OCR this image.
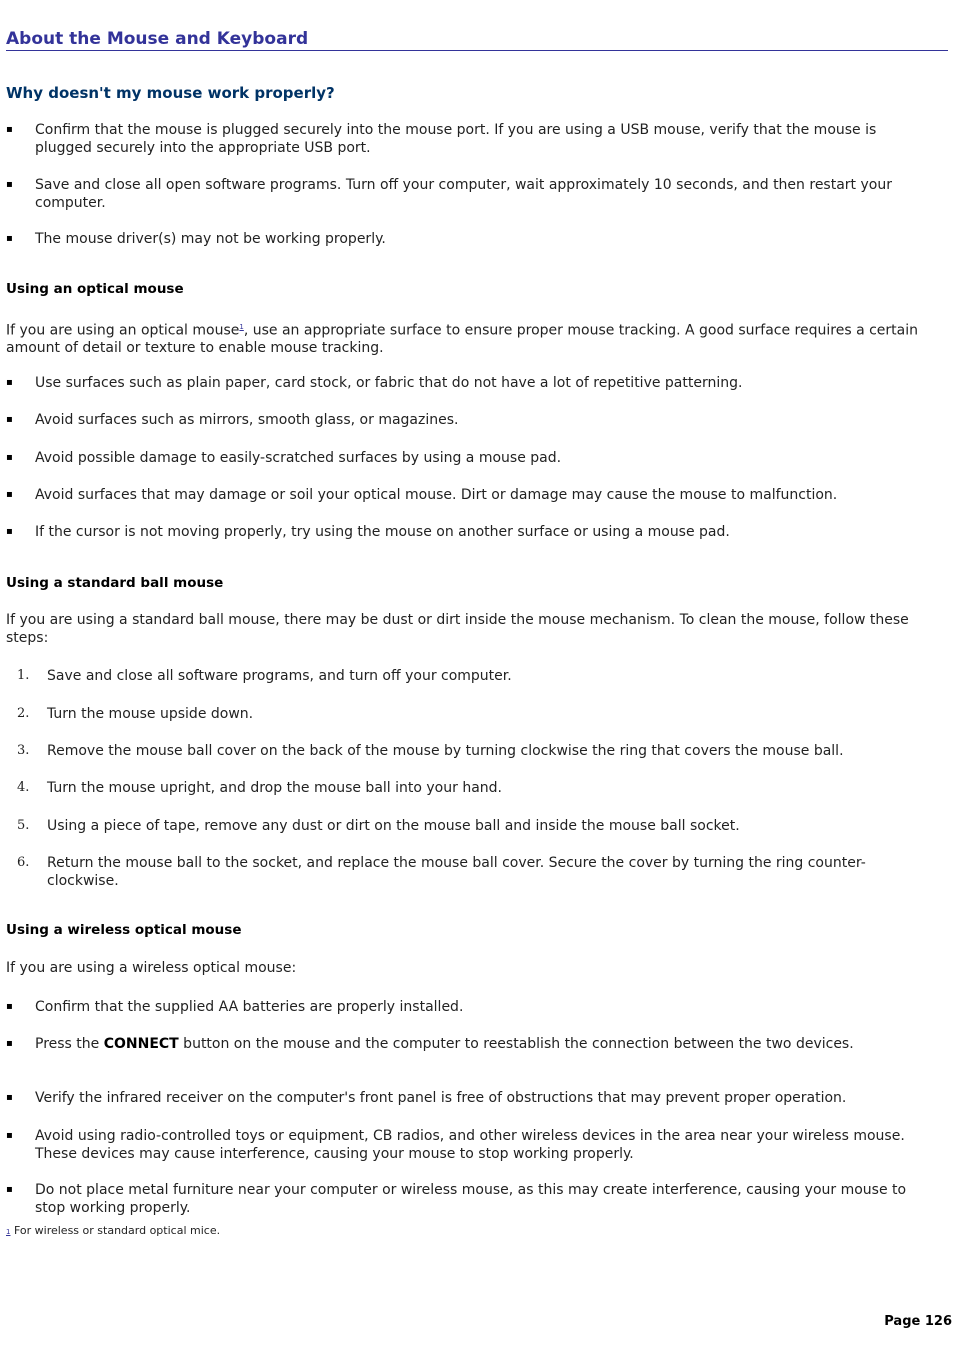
About the Mouse and Keyboard
Why doesn't my mouse work properly?
▪ Confirm that the mouse is plugged securely into the mouse port. If you are using a USB mouse, verify that the mouse is plugged securely into the appropriate USB port.
▪ Save and close all open software programs. Turn off your computer, wait approximately 10 seconds, and then restart your computer.
▪ The mouse driver(s) may not be working properly.
Using an optical mouse
If you are using an optical mouse$^1$, use an appropriate surface to ensure proper mouse tracking. A good surface requires a certain amount of detail or texture to enable mouse tracking.
▪ Use surfaces such as plain paper, card stock, or fabric that do not have a lot of repetitive patterning.
▪ Avoid surfaces such as mirrors, smooth glass, or magazines.
▪ Avoid possible damage to easily-scratched surfaces by using a mouse pad.
▪ Avoid surfaces that may damage or soil your optical mouse. Dirt or damage may cause the mouse to malfunction.
▪ If the cursor is not moving properly, try using the mouse on another surface or using a mouse pad.
Using a standard ball mouse
If you are using a standard ball mouse, there may be dust or dirt inside the mouse mechanism. To clean the mouse, follow these steps:
1. Save and close all software programs, and turn off your computer.
2. Turn the mouse upside down.
3. Remove the mouse ball cover on the back of the mouse by turning clockwise the ring that covers the mouse ball.
4. Turn the mouse upright, and drop the mouse ball into your hand.
5. Using a piece of tape, remove any dust or dirt on the mouse ball and inside the mouse ball socket.
6. Return the mouse ball to the socket, and replace the mouse ball cover. Secure the cover by turning the ring counter-clockwise.
Using a wireless optical mouse
If you are using a wireless optical mouse:
▪ Confirm that the supplied AA batteries are properly installed.
▪ Press the CONNECT button on the mouse and the computer to reestablish the connection between the two devices.
▪ Verify the infrared receiver on the computer's front panel is free of obstructions that may prevent proper operation.
▪ Avoid using radio-controlled toys or equipment, CB radios, and other wireless devices in the area near your wireless mouse. These devices may cause interference, causing your mouse to stop working properly.
▪ Do not place metal furniture near your computer or wireless mouse, as this may create interference, causing your mouse to stop working properly.
1 For wireless or standard optical mice.
Page 126
